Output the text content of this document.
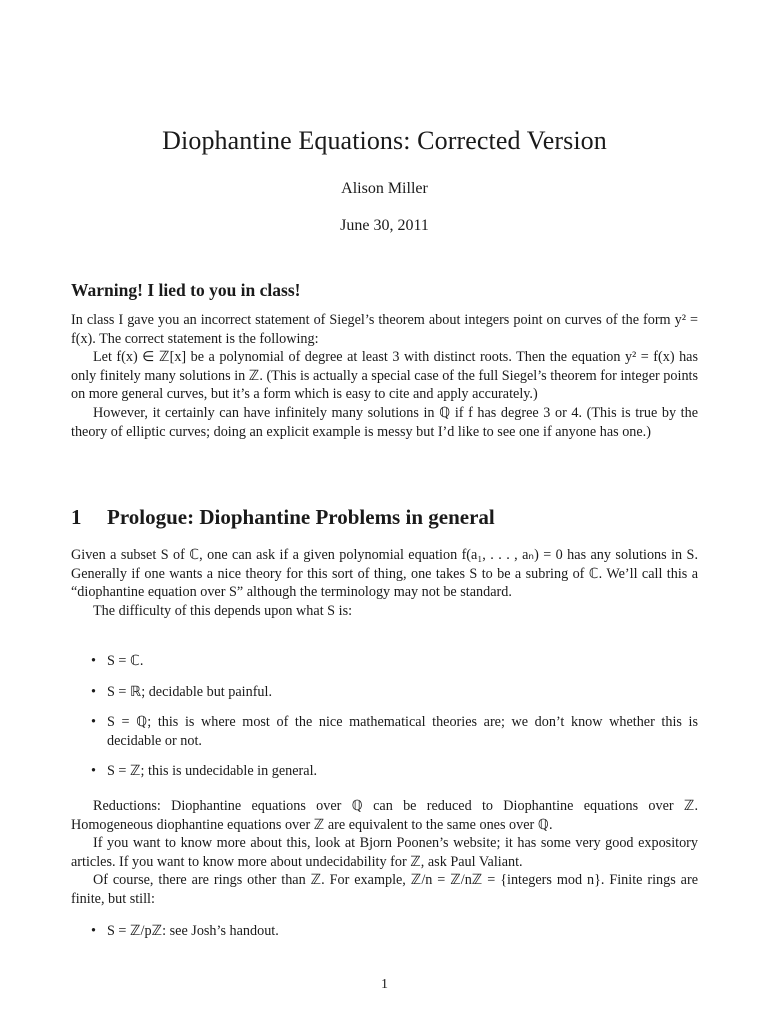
Diophantine Equations: Corrected Version
Alison Miller
June 30, 2011
Warning! I lied to you in class!

In class I gave you an incorrect statement of Siegel’s theorem about integers point on curves of the form y² = f(x). The correct statement is the following:

Let f(x) ∈ ℤ[x] be a polynomial of degree at least 3 with distinct roots. Then the equation y² = f(x) has only finitely many solutions in ℤ. (This is actually a special case of the full Siegel’s theorem for integer points on more general curves, but it’s a form which is easy to cite and apply accurately.)

However, it certainly can have infinitely many solutions in ℚ if f has degree 3 or 4. (This is true by the theory of elliptic curves; doing an explicit example is messy but I’d like to see one if anyone has one.)

1 Prologue: Diophantine Problems in general

Given a subset S of ℂ, one can ask if a given polynomial equation f(a₁, . . . , aₙ) = 0 has any solutions in S. Generally if one wants a nice theory for this sort of thing, one takes S to be a subring of ℂ. We’ll call this a “diophantine equation over S” although the terminology may not be standard.

The difficulty of this depends upon what S is:

• S = ℂ.
• S = ℝ; decidable but painful.
• S = ℚ; this is where most of the nice mathematical theories are; we don’t know whether this is decidable or not.
• S = ℤ; this is undecidable in general.

Reductions: Diophantine equations over ℚ can be reduced to Diophantine equations over ℤ. Homogeneous diophantine equations over ℤ are equivalent to the same ones over ℚ.

If you want to know more about this, look at Bjorn Poonen’s website; it has some very good expository articles. If you want to know more about undecidability for ℤ, ask Paul Valiant.

Of course, there are rings other than ℤ. For example, ℤ/n = ℤ/nℤ = {integers mod n}. Finite rings are finite, but still:

• S = ℤ/pℤ: see Josh’s handout.
1
